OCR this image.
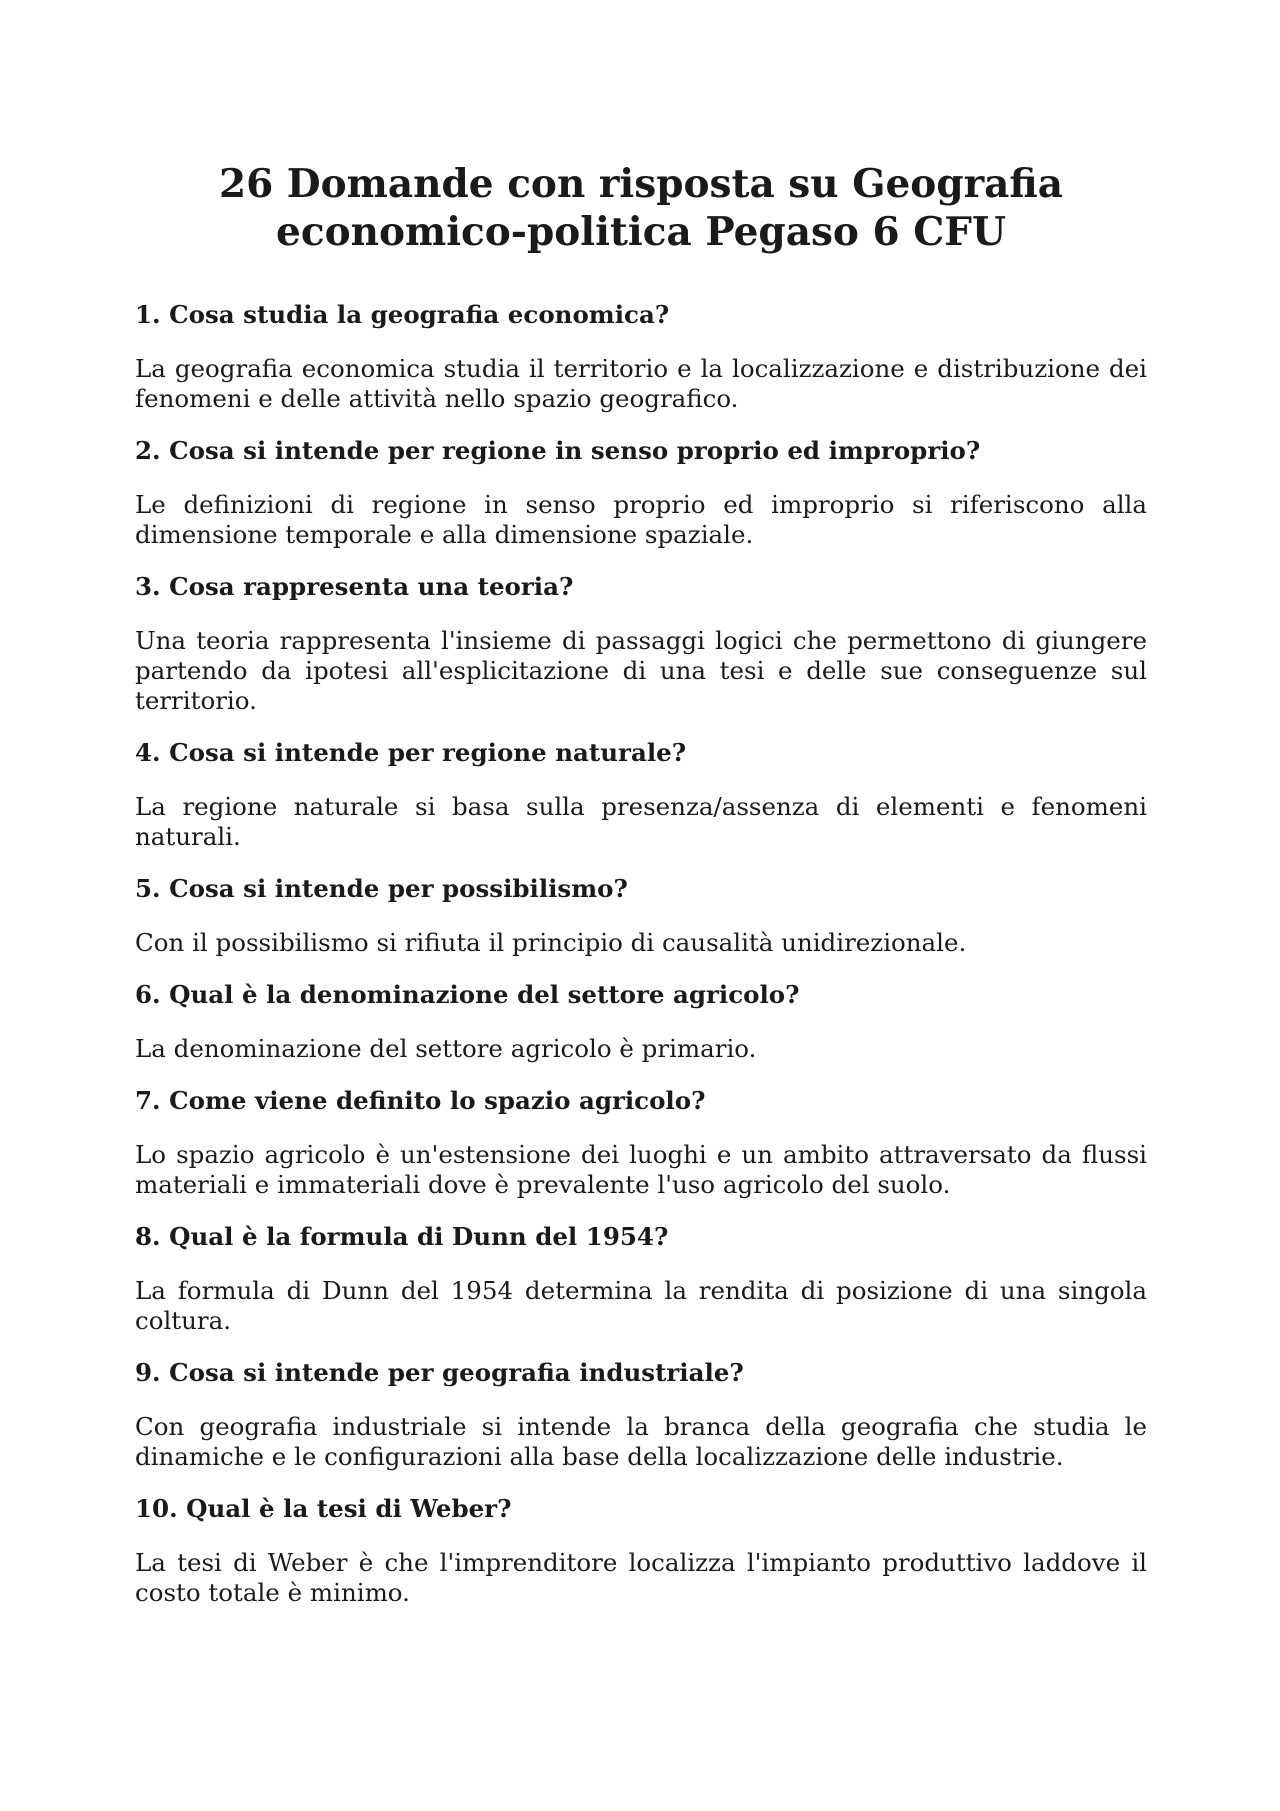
26 Domande con risposta su Geografia economico-politica Pegaso 6 CFU

1. Cosa studia la geografia economica?

La geografia economica studia il territorio e la localizzazione e distribuzione dei fenomeni e delle attività nello spazio geografico.

2. Cosa si intende per regione in senso proprio ed improprio?

Le definizioni di regione in senso proprio ed improprio si riferiscono alla dimensione temporale e alla dimensione spaziale.

3. Cosa rappresenta una teoria?

Una teoria rappresenta l'insieme di passaggi logici che permettono di giungere partendo da ipotesi all'esplicitazione di una tesi e delle sue conseguenze sul territorio.

4. Cosa si intende per regione naturale?

La regione naturale si basa sulla presenza/assenza di elementi e fenomeni naturali.

5. Cosa si intende per possibilismo?

Con il possibilismo si rifiuta il principio di causalità unidirezionale.

6. Qual è la denominazione del settore agricolo?

La denominazione del settore agricolo è primario.

7. Come viene definito lo spazio agricolo?

Lo spazio agricolo è un'estensione dei luoghi e un ambito attraversato da flussi materiali e immateriali dove è prevalente l'uso agricolo del suolo.

8. Qual è la formula di Dunn del 1954?

La formula di Dunn del 1954 determina la rendita di posizione di una singola coltura.

9. Cosa si intende per geografia industriale?

Con geografia industriale si intende la branca della geografia che studia le dinamiche e le configurazioni alla base della localizzazione delle industrie.

10. Qual è la tesi di Weber?

La tesi di Weber è che l'imprenditore localizza l'impianto produttivo laddove il costo totale è minimo.
